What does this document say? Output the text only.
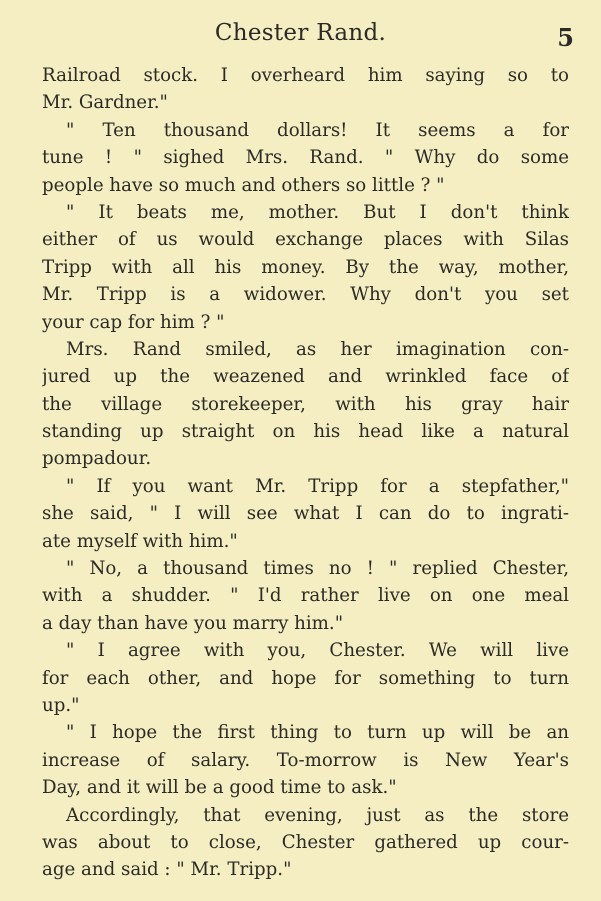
Chester Rand.	5
Railroad stock. I overheard him saying so to
Mr. Gardner."
" Ten thousand dollars! It seems a for
tune ! " sighed Mrs. Rand. " Why do some
people have so much and others so little ? "
" It beats me, mother. But I don't think
either of us would exchange places with Silas
Tripp with all his money. By the way, mother,
Mr. Tripp is a widower. Why don't you set
your cap for him ? "
Mrs. Rand smiled, as her imagination con-
jured up the weazened and wrinkled face of
the village storekeeper, with his gray hair
standing up straight on his head like a natural
pompadour.
" If you want Mr. Tripp for a stepfather,"
she said, " I will see what I can do to ingrati-
ate myself with him."
" No, a thousand times no ! " replied Chester,
with a shudder. " I'd rather live on one meal
a day than have you marry him."
" I agree with you, Chester. We will live
for each other, and hope for something to turn
up."
" I hope the first thing to turn up will be an
increase of salary. To-morrow is New Year's
Day, and it will be a good time to ask."
Accordingly, that evening, just as the store
was about to close, Chester gathered up cour-
age and said : " Mr. Tripp."
